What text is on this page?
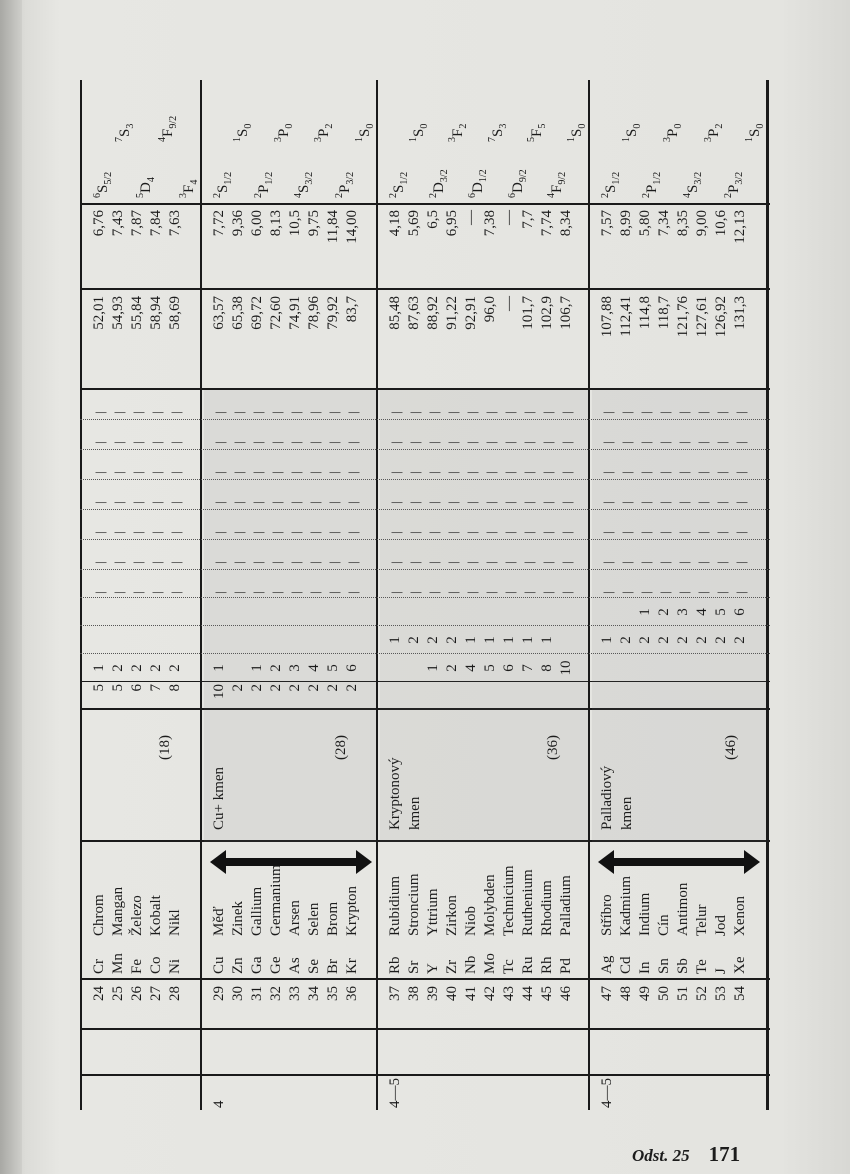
24 25 26 27 28
Cr Mn Fe Co Ni
Chrom Mangan Železo Kobalt Nikl
5 5 6 7 8
1 2 2 2 2
52,01 54,93 55,84 58,94 58,69
6,76 7,43 7,87 7,84 7,63
(18)
|
|
|
|
|
|
|
|
|
|
|
|
|
|
|
|
|
|
|
|
|
|
|
|
|
|
|
|
|
|
|
|
|
|
|
$^6S_{5/2}$
$^7S_3$
$^5D_4$
$^4F_{9/2}$
$^3F_4$
4
29 30 31 32 33 34 35 36
Cu Zn Ga Ge As Se Br Kr
Měď Zinek Gallium Germanium Arsen Selen Brom Krypton
10 2 2 2 2 2 2 2
1 1 2 3 4 5 6
63,57 65,38 69,72 72,60 74,91 78,96 79,92 83,7
7,72 9,36 6,00 8,13 10,5 9,75 11,84 14,00
Cu+ kmen
(28)
|
|
|
|
|
|
|
|
|
|
|
|
|
|
|
|
|
|
|
|
|
|
|
|
|
|
|
|
|
|
|
|
|
|
|
|
|
|
|
|
|
|
|
|
|
|
|
|
|
|
|
|
|
|
|
|
$^2S_{1/2}$
$^1S_0$
$^2P_{1/2}$
$^3P_0$
$^4S_{3/2}$
$^3P_2$
$^2P_{3/2}$
$^1S_0$
4—5
37 38 39 40 41 42 43 44 45 46
Rb Sr Y Zr Nb Mo Tc Ru Rh Pd
Rubidium Stroncium Yttrium Zirkon Niob Molybden Technicium Ruthenium Rhodium Palladium
1 2 4 5 6 7 8 10
1 2 2 2 1 1 1 1 1
85,48 87,63 88,92 91,22 92,91 96,0 — 101,7 102,9 106,7
4,18 5,69 6,5 6,95 — 7,38 — 7,7 7,74 8,34
Kryptonový kmen
(36)
|
|
|
|
|
|
|
|
|
|
|
|
|
|
|
|
|
|
|
|
|
|
|
|
|
|
|
|
|
|
|
|
|
|
|
|
|
|
|
|
|
|
|
|
|
|
|
|
|
|
|
|
|
|
|
|
|
|
|
|
|
|
|
|
|
|
|
|
|
|
$^2S_{1/2}$
$^1S_0$
$^2D_{3/2}$
$^3F_2$
$^6D_{1/2}$
$^7S_3$
$^6D_{9/2}$
$^5F_5$
$^4F_{9/2}$
$^1S_0$
4—5
47 48 49 50 51 52 53 54
Ag Cd In Sn Sb Te J Xe
Stříbro Kadmium Indium Cín Antimon Telur Jod Xenon
1 2 2 2 2 2 2 2
1 2 3 4 5 6
107,88 112,41 114,8 118,7 121,76 127,61 126,92 131,3
7,57 8,99 5,80 7,34 8,35 9,00 10,6 12,13
Palladiový kmen
(46)
|
|
|
|
|
|
|
|
|
|
|
|
|
|
|
|
|
|
|
|
|
|
|
|
|
|
|
|
|
|
|
|
|
|
|
|
|
|
|
|
|
|
|
|
|
|
|
|
|
|
|
|
|
|
|
|
$^2S_{1/2}$
$^1S_0$
$^2P_{1/2}$
$^3P_0$
$^4S_{3/2}$
$^3P_2$
$^2P_{3/2}$
$^1S_0$
Odst. 25 171
